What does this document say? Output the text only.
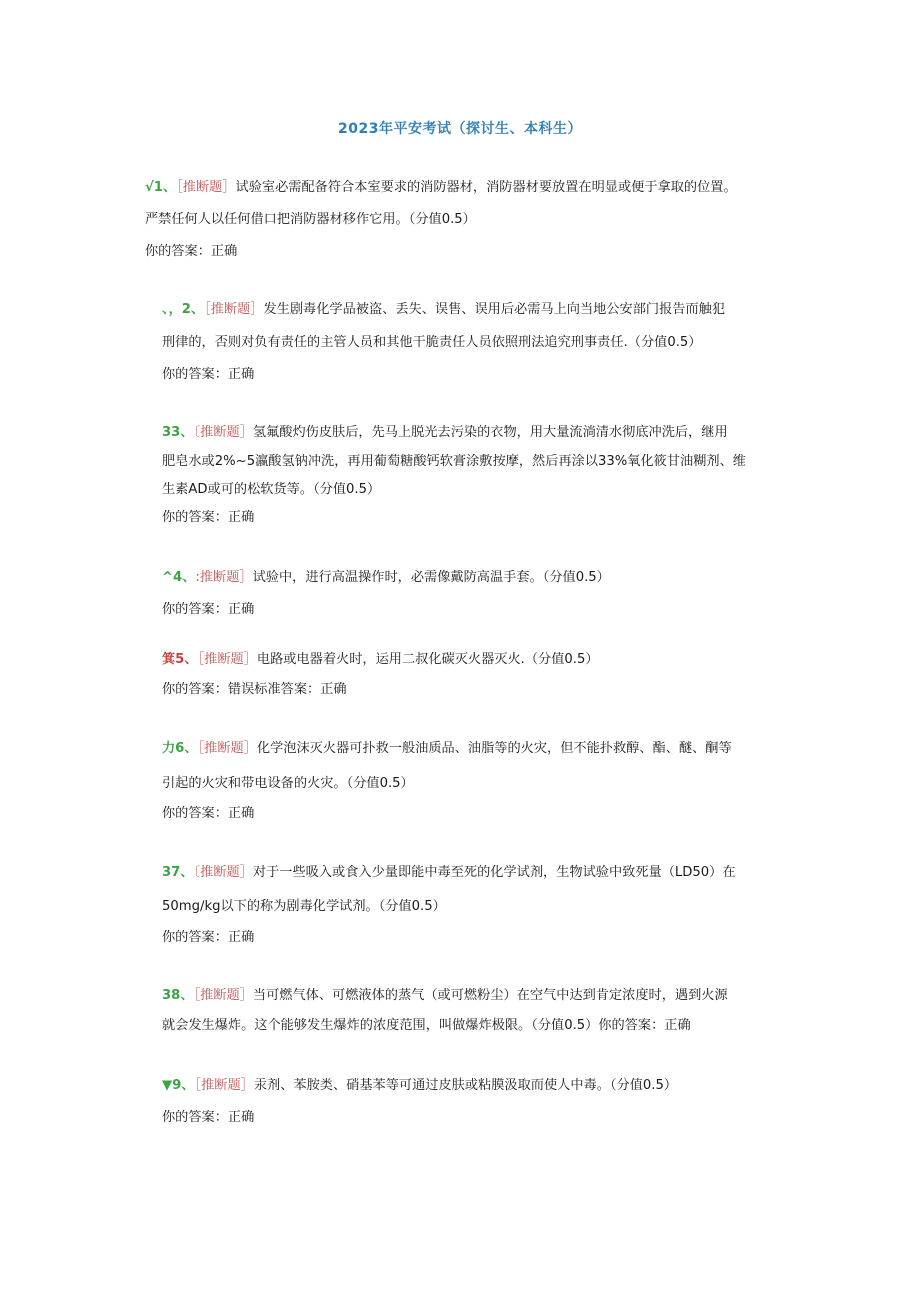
2023年平安考试（探讨生、本科生）
√1、［推断题］试验室必需配备符合本室要求的消防器材，消防器材要放置在明显或便于拿取的位置。
严禁任何人以任何借口把消防器材移作它用。（分值0.5）
你的答案：正确
、，2、［推断题］发生剧毒化学品被盗、丢失、误售、误用后必需马上向当地公安部门报告而触犯
刑律的，否则对负有责任的主管人员和其他干脆责任人员依照刑法追究刑事责任.（分值0.5）
你的答案：正确
33、〔推断题］氢氟酸灼伤皮肤后，先马上脱光去污染的衣物，用大量流淌清水彻底冲洗后，继用
肥皂水或2%~5瀛酸氢钠冲洗，再用葡萄糖酸钙软膏涂敷按摩，然后再涂以33%氧化筱甘油糊剂、维
生素AD或可的松软货等。（分值0.5）
你的答案：正确
^4、:推断题］试验中，进行高温操作时，必需像戴防高温手套。（分值0.5）
你的答案：正确
箕5、［推断题］电路或电器着火时，运用二叔化碳灭火器灭火.（分值0.5）
你的答案：错误标准答案：正确
力6、［推断题］化学泡沫灭火器可扑救一般油质品、油脂等的火灾，但不能扑救醇、酯、醚、酮等
引起的火灾和带电设备的火灾。（分值0.5）
你的答案：正确
37、〔推断题］对于一些吸入或食入少量即能中毒至死的化学试剂，生物试验中致死量（LD50）在
50mg∕kg以下的称为剧毒化学试剂。（分值0.5）
你的答案：正确
38、［推断题］当可燃气体、可燃液体的蒸气（或可燃粉尘）在空气中达到肯定浓度时，遇到火源
就会发生爆炸。这个能够发生爆炸的浓度范围，叫做爆炸极限。（分值0.5）你的答案：正确
▼9、［推断题］汞剂、苯胺类、硝基苯等可通过皮肤或粘膜汲取而使人中毒。（分值0.5）
你的答案：正确
